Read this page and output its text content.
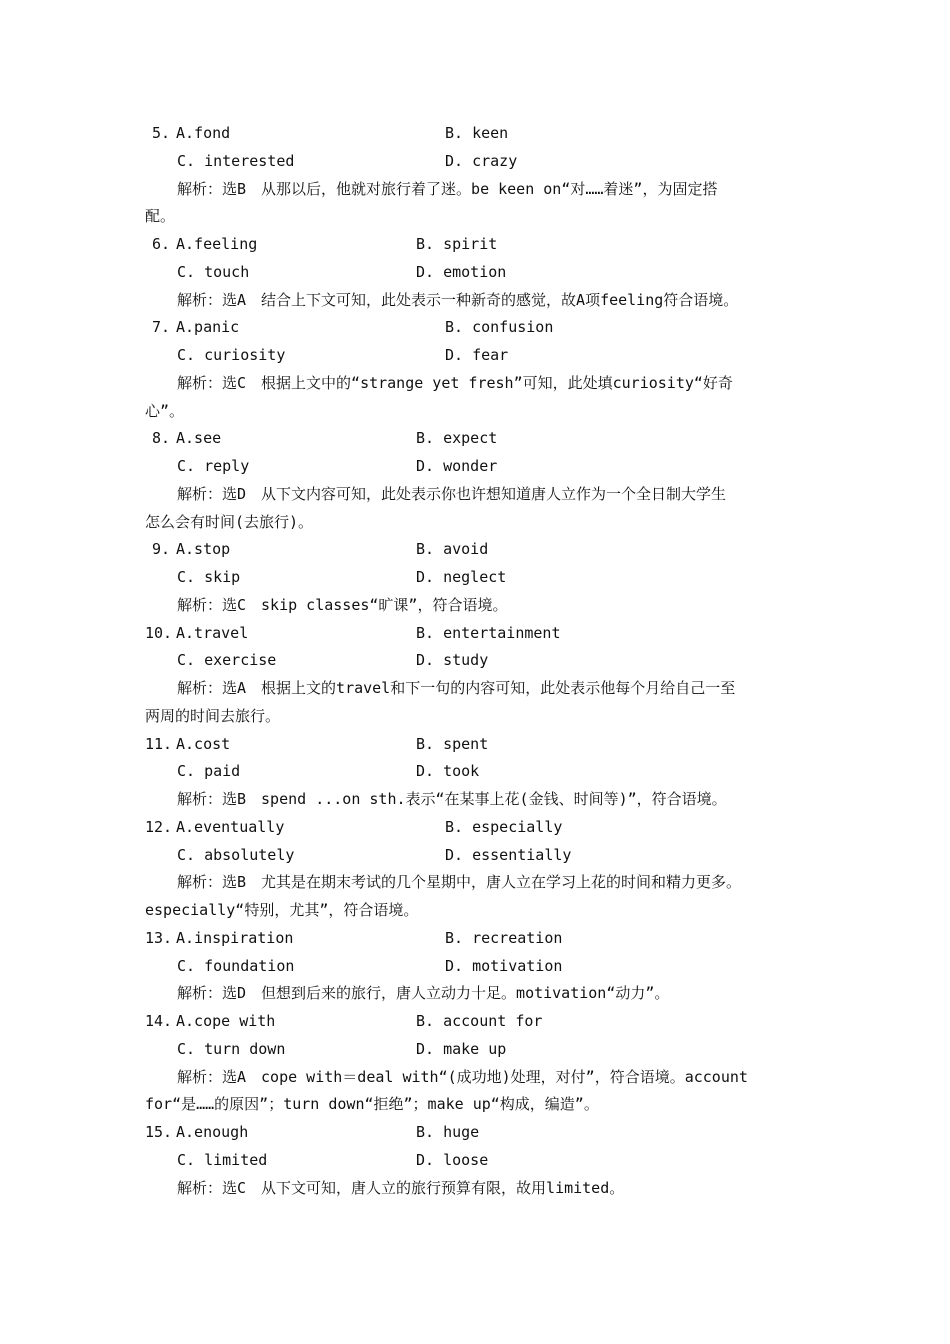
5. A.fond	B. keen
C. interested	D. crazy
解析：选B　从那以后，他就对旅行着了迷。be keen on“对……着迷”，为固定搭
配。
6. A.feeling	B. spirit
C. touch	D. emotion
解析：选A　结合上下文可知，此处表示一种新奇的感觉，故A项feeling符合语境。
7. A.panic	B. confusion
C. curiosity	D. fear
解析：选C　根据上文中的“strange yet fresh”可知，此处填curiosity“好奇
心”。
8. A.see	B. expect
C. reply	D. wonder
解析：选D　从下文内容可知，此处表示你也许想知道唐人立作为一个全日制大学生
怎么会有时间(去旅行)。
9. A.stop	B. avoid
C. skip	D. neglect
解析：选C　skip classes“旷课”，符合语境。
10. A.travel	B. entertainment
C. exercise	D. study
解析：选A　根据上文的travel和下一句的内容可知，此处表示他每个月给自己一至
两周的时间去旅行。
11. A.cost	B. spent
C. paid	D. took
解析：选B　spend ...on sth.表示“在某事上花(金钱、时间等)”，符合语境。
12. A.eventually	B. especially
C. absolutely	D. essentially
解析：选B　尤其是在期末考试的几个星期中，唐人立在学习上花的时间和精力更多。
especially“特别，尤其”，符合语境。
13. A.inspiration	B. recreation
C. foundation	D. motivation
解析：选D　但想到后来的旅行，唐人立动力十足。motivation“动力”。
14. A.cope with	B. account for
C. turn down	D. make up
解析：选A　cope with＝deal with“(成功地)处理，对付”，符合语境。account
for“是……的原因”；turn down“拒绝”；make up“构成，编造”。
15. A.enough	B. huge
C. limited	D. loose
解析：选C　从下文可知，唐人立的旅行预算有限，故用limited。
